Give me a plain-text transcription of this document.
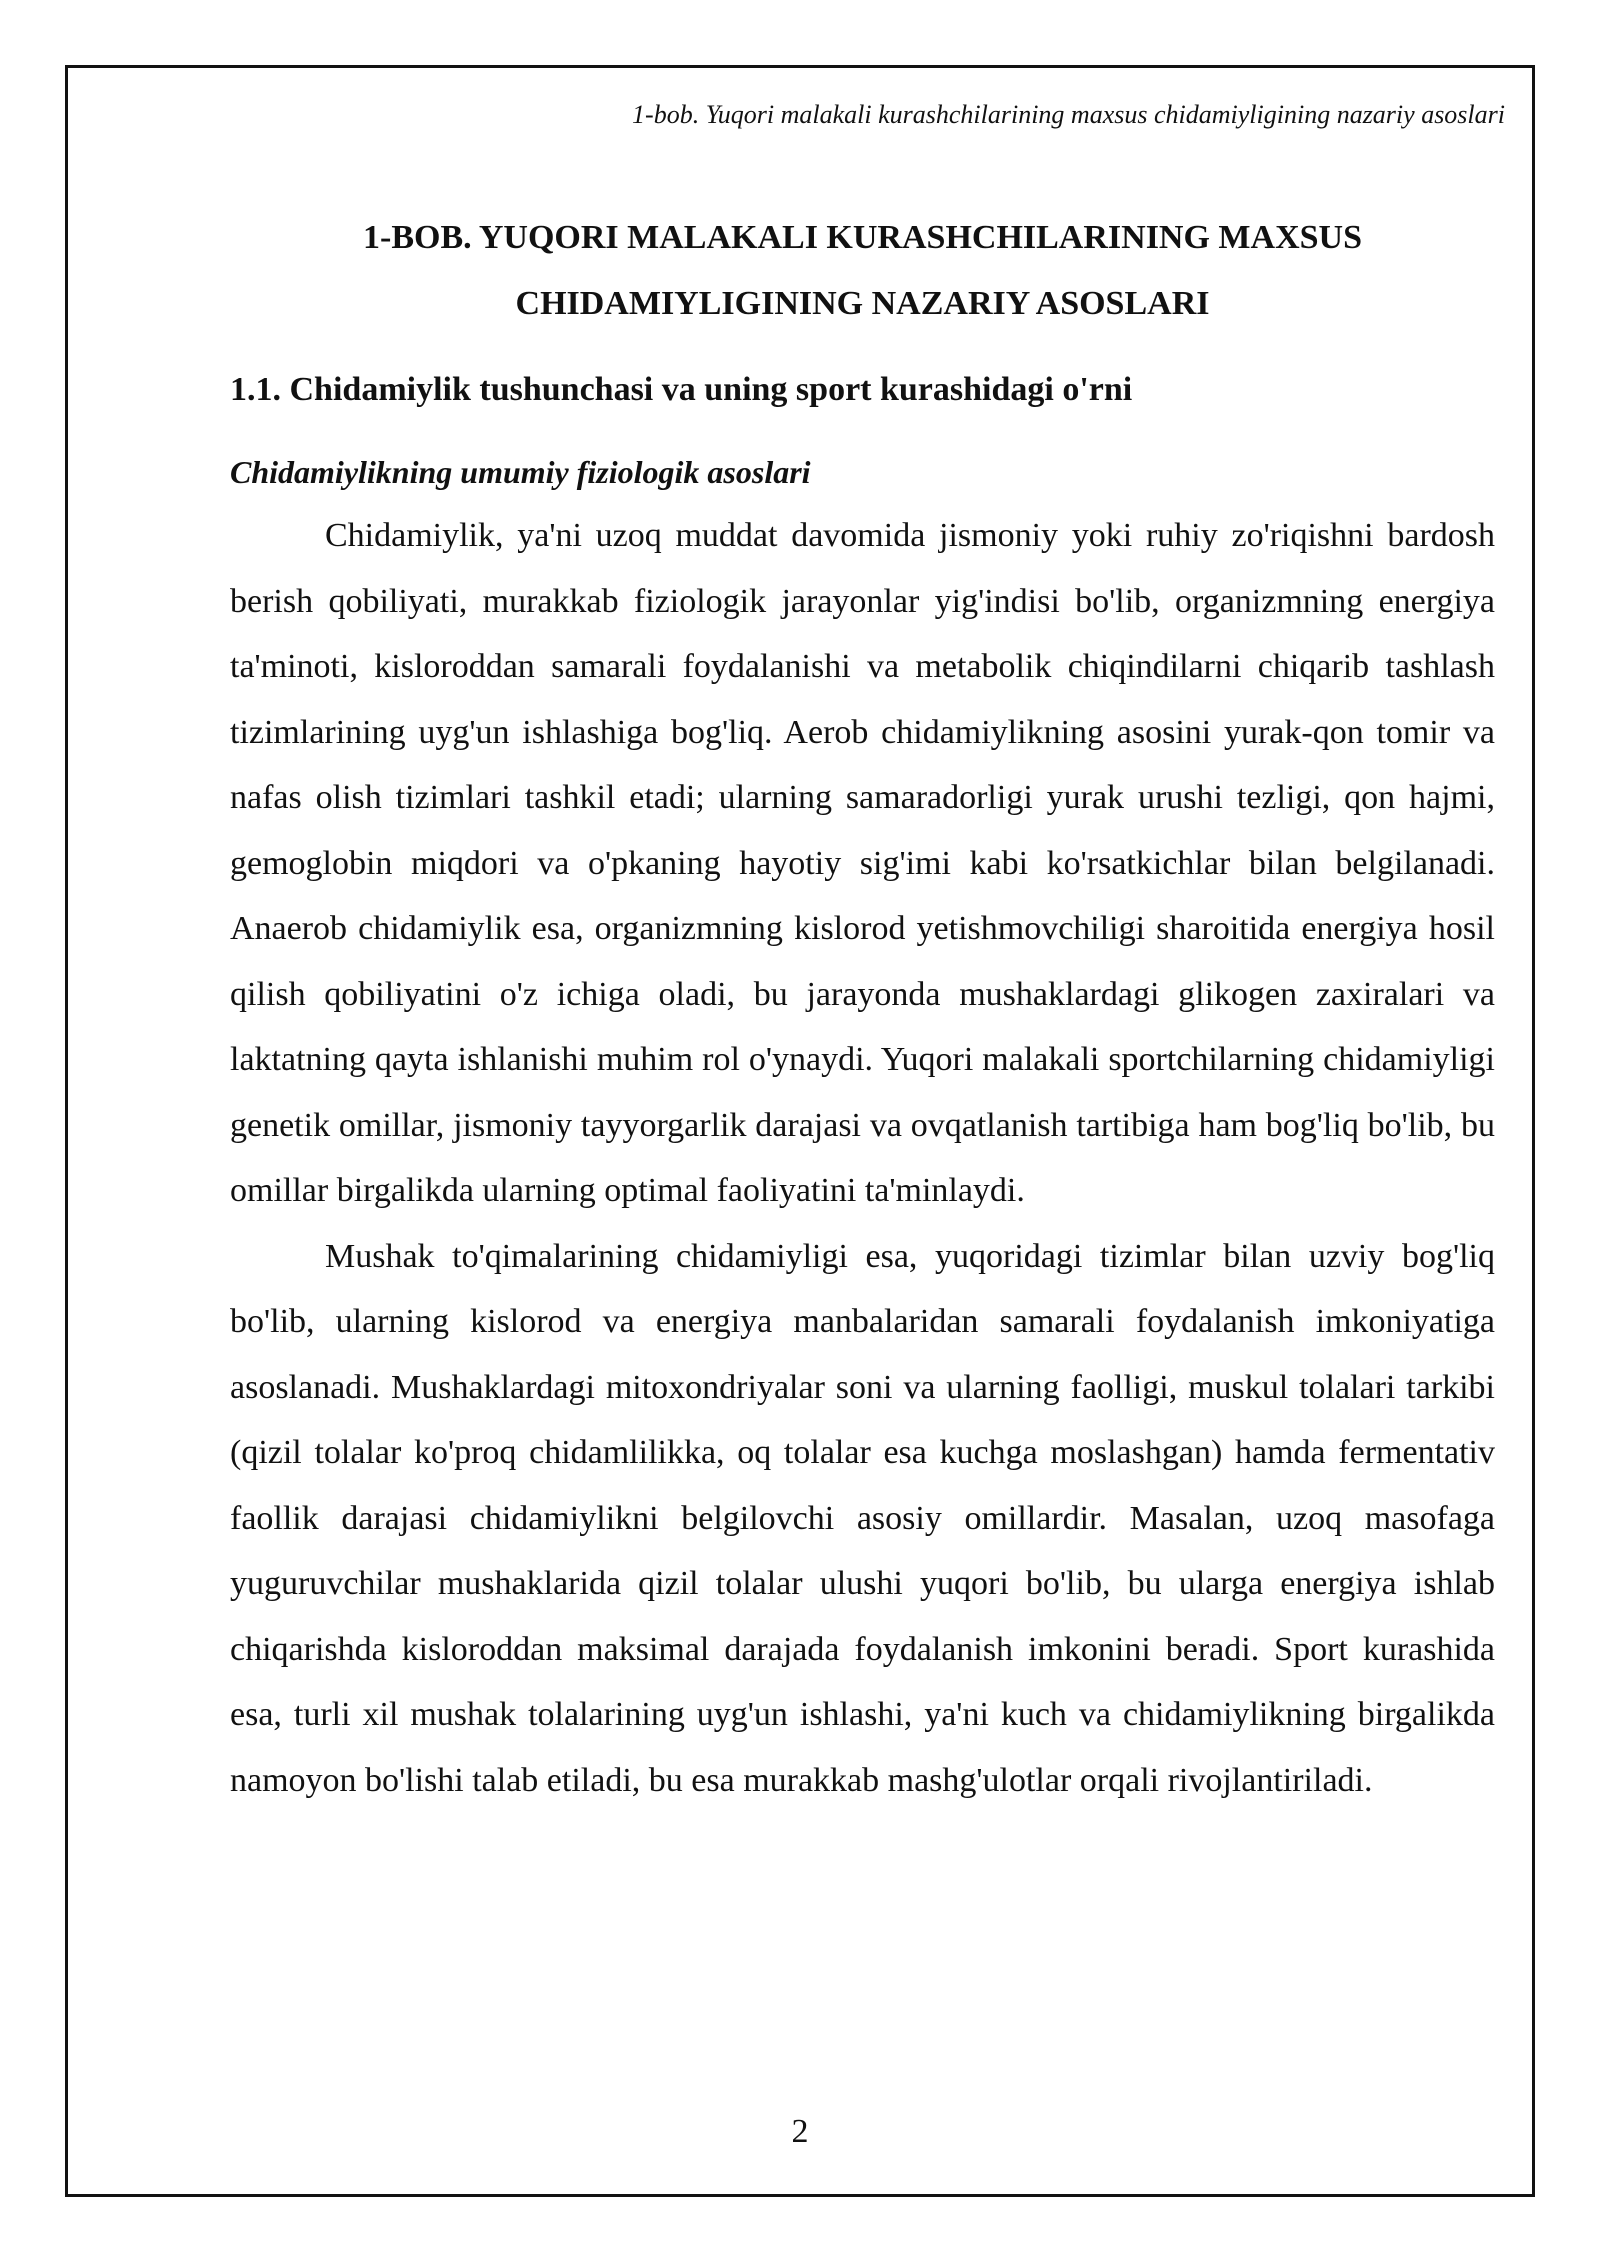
1-bob. Yuqori malakali kurashchilarining maxsus chidamiyligining nazariy asoslari
1-BOB. YUQORI MALAKALI KURASHCHILARINING MAXSUS
CHIDAMIYLIGINING NAZARIY ASOSLARI
1.1. Chidamiylik tushunchasi va uning sport kurashidagi o'rni
Chidamiylikning umumiy fiziologik asoslari

Chidamiylik, ya'ni uzoq muddat davomida jismoniy yoki ruhiy zo'riqishni bardosh berish qobiliyati, murakkab fiziologik jarayonlar yig'indisi bo'lib, organizmning energiya ta'minoti, kisloroddan samarali foydalanishi va metabolik chiqindilarni chiqarib tashlash tizimlarining uyg'un ishlashiga bog'liq. Aerob chidamiylikning asosini yurak-qon tomir va nafas olish tizimlari tashkil etadi; ularning samaradorligi yurak urushi tezligi, qon hajmi, gemoglobin miqdori va o'pkaning hayotiy sig'imi kabi ko'rsatkichlar bilan belgilanadi. Anaerob chidamiylik esa, organizmning kislorod yetishmovchiligi sharoitida energiya hosil qilish qobiliyatini o'z ichiga oladi, bu jarayonda mushaklardagi glikogen zaxiralari va laktatning qayta ishlanishi muhim rol o'ynaydi. Yuqori malakali sportchilarning chidamiyligi genetik omillar, jismoniy tayyorgarlik darajasi va ovqatlanish tartibiga ham bog'liq bo'lib, bu omillar birgalikda ularning optimal faoliyatini ta'minlaydi.

Mushak to'qimalarining chidamiyligi esa, yuqoridagi tizimlar bilan uzviy bog'liq bo'lib, ularning kislorod va energiya manbalaridan samarali foydalanish imkoniyatiga asoslanadi. Mushaklardagi mitoxondriyalar soni va ularning faolligi, muskul tolalari tarkibi (qizil tolalar ko'proq chidamlilikka, oq tolalar esa kuchga moslashgan) hamda fermentativ faollik darajasi chidamiylikni belgilovchi asosiy omillardir. Masalan, uzoq masofaga yuguruvchilar mushaklarida qizil tolalar ulushi yuqori bo'lib, bu ularga energiya ishlab chiqarishda kisloroddan maksimal darajada foydalanish imkonini beradi. Sport kurashida esa, turli xil mushak tolalarining uyg'un ishlashi, ya'ni kuch va chidamiylikning birgalikda namoyon bo'lishi talab etiladi, bu esa murakkab mashg'ulotlar orqali rivojlantiriladi.

2
